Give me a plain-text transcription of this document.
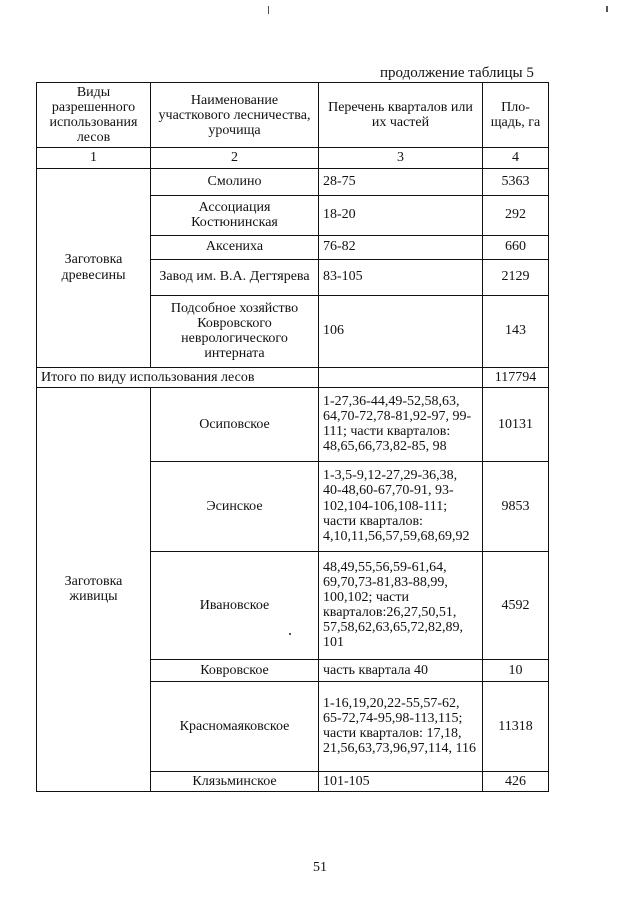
продолжение таблицы 5
Виды разрешенного использования лесов	Наименование участкового лесничества, урочища	Перечень кварталов или их частей	Пло- щадь, га
1	2	3	4
Заготовка древесины	Смолино	28-75	5363
	Ассоциация Костюнинская	18-20	292
	Аксениха	76-82	660
	Завод им. В.А. Дегтярева	83-105	2129
	Подсобное хозяйство Ковровского неврологического интерната	106	143
Итого по виду использования лесов			117794
Заготовка живицы	Осиповское	1-27,36-44,49-52,58,63, 64,70-72,78-81,92-97, 99-111; части кварталов: 48,65,66,73,82-85, 98	10131
	Эсинское	1-3,5-9,12-27,29-36,38, 40-48,60-67,70-91, 93-102,104-106,108-111; части кварталов: 4,10,11,56,57,59,68,69,92	9853
	Ивановское	48,49,55,56,59-61,64, 69,70,73-81,83-88,99, 100,102; части кварталов:26,27,50,51, 57,58,62,63,65,72,82,89, 101	4592
	Ковровское	часть квартала 40	10
	Красномаяковское	1-16,19,20,22-55,57-62, 65-72,74-95,98-113,115; части кварталов: 17,18, 21,56,63,73,96,97,114, 116	11318
	Клязьминское	101-105	426
51
